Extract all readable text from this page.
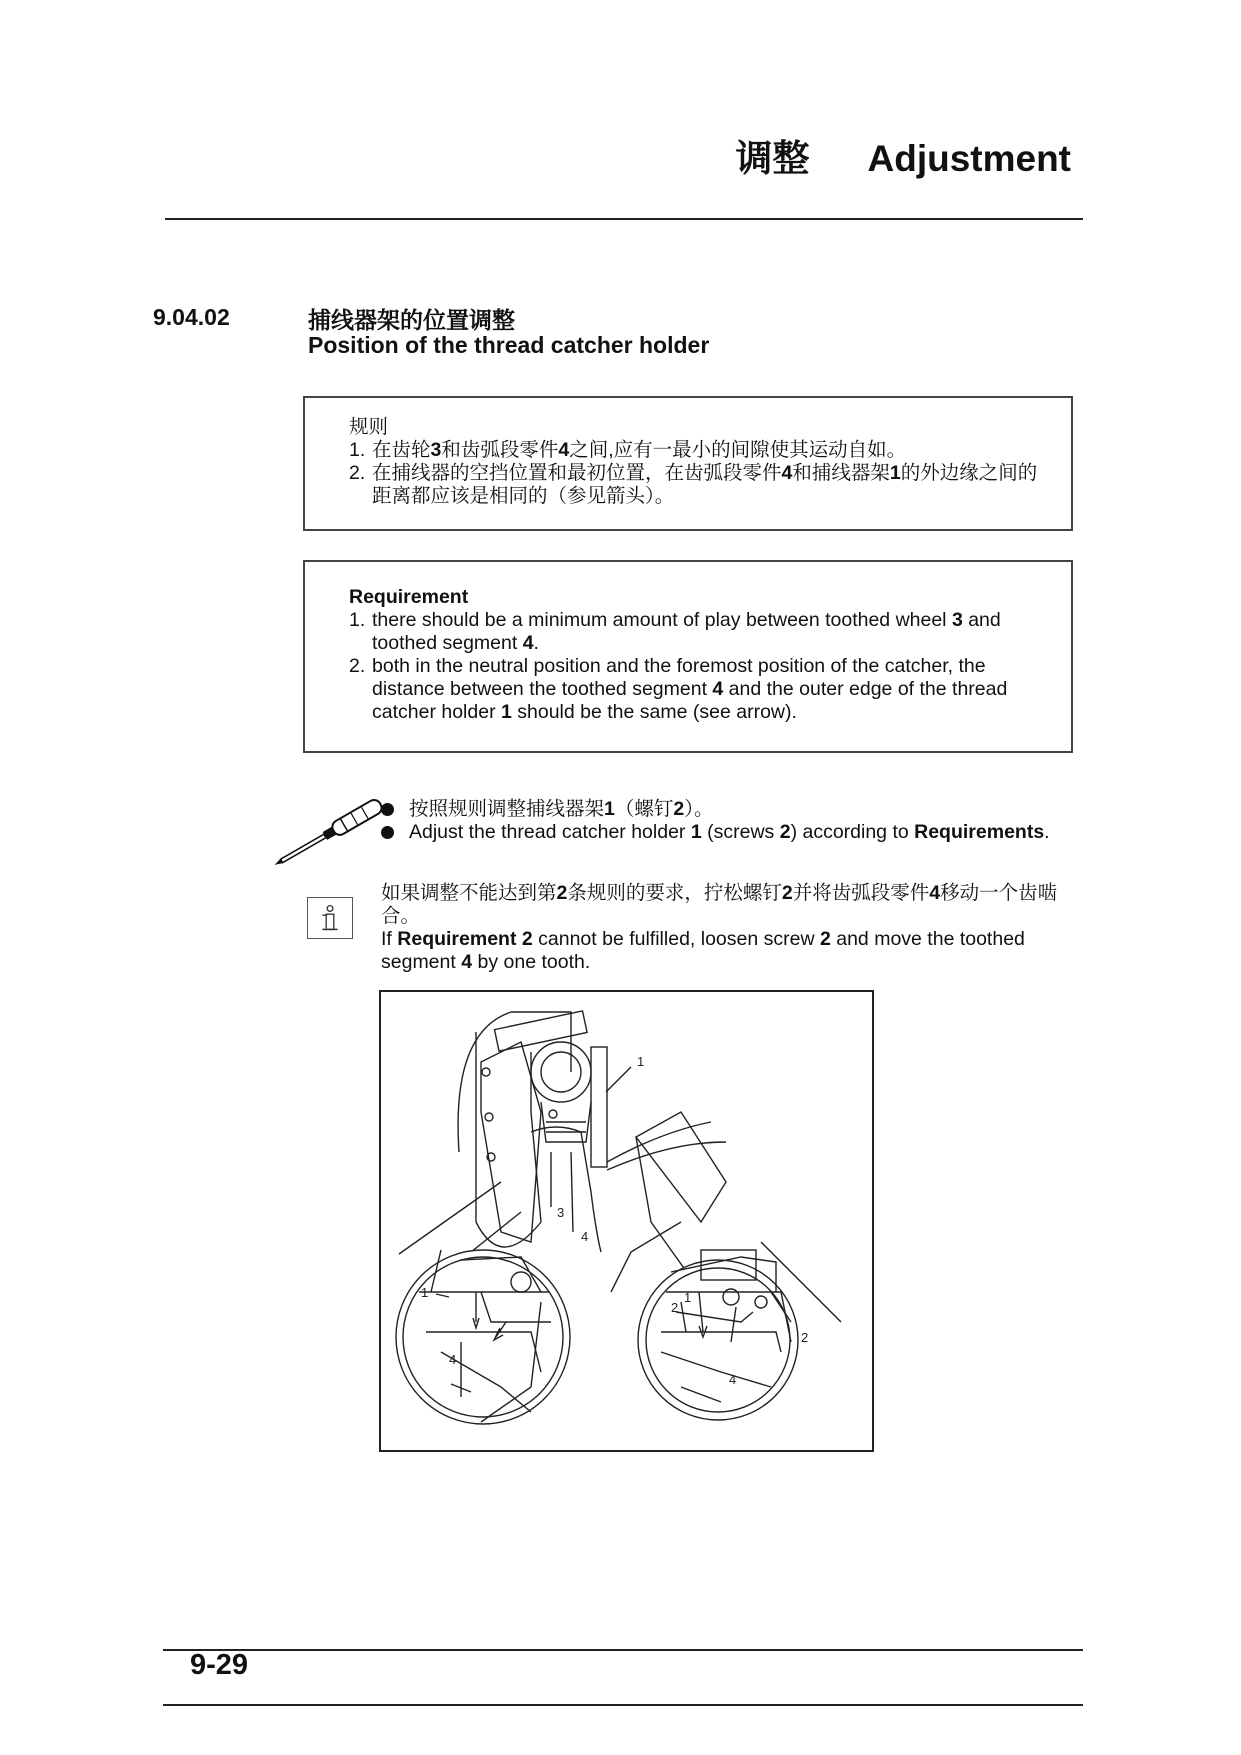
调整 Adjustment
9.04.02	捕线器架的位置调整
Position of the thread catcher holder
规则
1. 在齿轮3和齿弧段零件4之间,应有一最小的间隙使其运动自如。
2. 在捕线器的空挡位置和最初位置，在齿弧段零件4和捕线器架1的外边缘之间的距离都应该是相同的（参见箭头）。
Requirement
1. there should be a minimum amount of play between toothed wheel 3 and toothed segment 4.
2. both in the neutral position and the foremost position of the catcher, the distance between the toothed segment 4 and the outer edge of the thread catcher holder 1 should be the same (see arrow).
按照规则调整捕线器架1（螺钉2）。
Adjust the thread catcher holder 1 (screws 2) according to Requirements.
如果调整不能达到第2条规则的要求，拧松螺钉2并将齿弧段零件4移动一个齿啮合。
If Requirement 2 cannot be fulfilled, loosen screw 2 and move the toothed segment 4 by one tooth.
1
3
4
1
4
1
2
2
4
9-29
